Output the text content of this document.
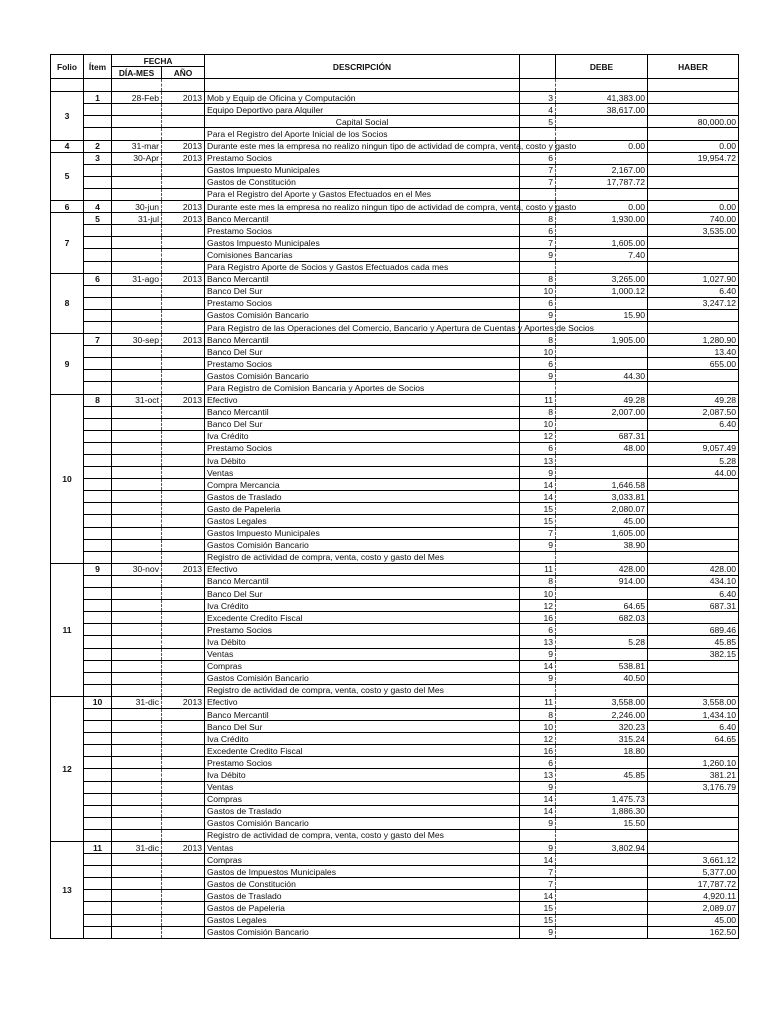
Folio	Ítem	FECHA		DESCRIPCIÓN		DEBE	HABER
		DÍA-MES	AÑO				

3	1	28-Feb	2013	Mob y Equip de Oficina y Computación	3	41,383.00	
				Equipo Deportivo para Alquiler	4	38,617.00	
				Capital Social	5		80,000.00
				Para el Registro del Aporte Inicial de los Socios			
4	2	31-mar	2013	Durante este mes la empresa no realizo ningun tipo de actividad de compra, venta, costo y gasto		0.00	0.00
5	3	30-Apr	2013	Prestamo Socios	6		19,954.72
				Gastos Impuesto Municipales	7	2,167.00	
				Gastos de Constitución	7	17,787.72	
				Para el Registro del Aporte y Gastos Efectuados en el Mes			
6	4	30-jun	2013	Durante este mes la empresa no realizo ningun tipo de actividad de compra, venta, costo y gasto		0.00	0.00
7	5	31-jul	2013	Banco Mercantil	8	1,930.00	740.00
				Prestamo Socios	6		3,535.00
				Gastos Impuesto Municipales	7	1,605.00	
				Comisiones Bancarias	9	7.40	
				Para Registro Aporte de Socios y Gastos Efectuados cada mes			
8	6	31-ago	2013	Banco Mercantil	8	3,265.00	1,027.90
				Banco Del Sur	10	1,000.12	6.40
				Prestamo Socios	6		3,247.12
				Gastos Comisión Bancario	9	15.90	
				Para Registro de las Operaciones del Comercio, Bancario y Apertura de Cuentas y Aportes de Socios			
9	7	30-sep	2013	Banco Mercantil	8	1,905.00	1,280.90
				Banco Del Sur	10		13.40
				Prestamo Socios	6		655.00
				Gastos Comisión Bancario	9	44.30	
				Para Registro de Comision Bancaria y Aportes de Socios			
10	8	31-oct	2013	Efectivo	11	49.28	49.28
				Banco Mercantil	8	2,007.00	2,087.50
				Banco Del Sur	10		6.40
				Iva Crédito	12	687.31	
				Prestamo Socios	6	48.00	9,057.49
				Iva Débito	13		5.28
				Ventas	9		44.00
				Compra Mercancia	14	1,646.58	
				Gastos de Traslado	14	3,033.81	
				Gasto de Papeleria	15	2,080.07	
				Gastos Legales	15	45.00	
				Gastos Impuesto Municipales	7	1,605.00	
				Gastos Comisión Bancario	9	38.90	
				Registro de actividad de compra, venta, costo y gasto del Mes			
11	9	30-nov	2013	Efectivo	11	428.00	428.00
				Banco Mercantil	8	914.00	434.10
				Banco Del Sur	10		6.40
				Iva Crédito	12	64.65	687.31
				Excedente Credito Fiscal	16	682.03	
				Prestamo Socios	6		689.46
				Iva Débito	13	5.28	45.85
				Ventas	9		382.15
				Compras	14	538.81	
				Gastos Comisión Bancario	9	40.50	
				Registro de actividad de compra, venta, costo y gasto del Mes			
12	10	31-dic	2013	Efectivo	11	3,558.00	3,558.00
				Banco Mercantil	8	2,246.00	1,434.10
				Banco Del Sur	10	320.23	6.40
				Iva Crédito	12	315.24	64.65
				Excedente Credito Fiscal	16	18.80	
				Prestamo Socios	6		1,260.10
				Iva Débito	13	45.85	381.21
				Ventas	9		3,176.79
				Compras	14	1,475.73	
				Gastos de Traslado	14	1,886.30	
				Gastos Comisión Bancario	9	15.50	
				Registro de actividad de compra, venta, costo y gasto del Mes			
13	11	31-dic	2013	Ventas	9	3,802.94	
				Compras	14		3,661.12
				Gastos de Impuestos Municipales	7		5,377.00
				Gastos de Constitución	7		17,787.72
				Gastos de Traslado	14		4,920.11
				Gastos de Papeleria	15		2,089.07
				Gastos Legales	15		45.00
				Gastos Comisión Bancario	9		162.50
